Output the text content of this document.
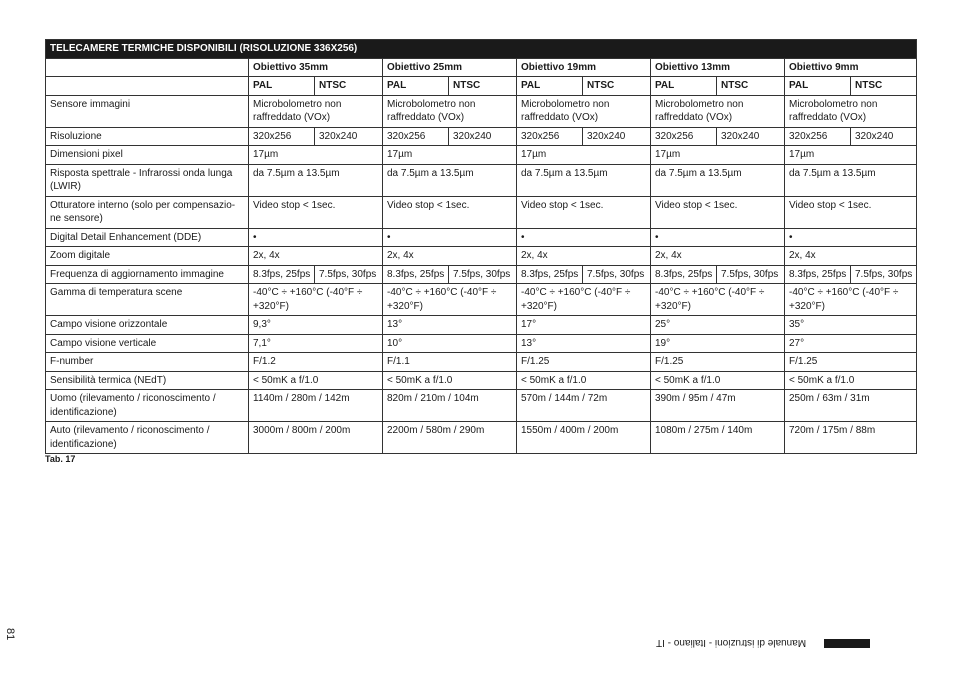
TELECAMERE TERMICHE DISPONIBILI (RISOLUZIONE 336X256)										
	Obiettivo 35mm		Obiettivo 25mm		Obiettivo 19mm		Obiettivo 13mm		Obiettivo 9mm	
	PAL	NTSC	PAL	NTSC	PAL	NTSC	PAL	NTSC	PAL	NTSC
Sensore immagini	Microbolometro non raffreddato (VOx)		Microbolometro non raffreddato (VOx)		Microbolometro non raffreddato (VOx)		Microbolometro non raffreddato (VOx)		Microbolometro non raffreddato (VOx)	
Risoluzione	320x256	320x240	320x256	320x240	320x256	320x240	320x256	320x240	320x256	320x240
Dimensioni pixel	17µm		17µm		17µm		17µm		17µm	
Risposta spettrale - Infrarossi onda lunga (LWIR)	da 7.5µm a 13.5µm		da 7.5µm a 13.5µm		da 7.5µm a 13.5µm		da 7.5µm a 13.5µm		da 7.5µm a 13.5µm	
Otturatore interno (solo per compensazio-ne sensore)	Video stop < 1sec.		Video stop < 1sec.		Video stop < 1sec.		Video stop < 1sec.		Video stop < 1sec.	
Digital Detail Enhancement (DDE)	•		•		•		•		•	
Zoom digitale	2x, 4x		2x, 4x		2x, 4x		2x, 4x		2x, 4x	
Frequenza di aggiornamento immagine	8.3fps, 25fps	7.5fps, 30fps	8.3fps, 25fps	7.5fps, 30fps	8.3fps, 25fps	7.5fps, 30fps	8.3fps, 25fps	7.5fps, 30fps	8.3fps, 25fps	7.5fps, 30fps
Gamma di temperatura scene	-40°C ÷ +160°C (-40°F ÷ +320°F)		-40°C ÷ +160°C (-40°F ÷ +320°F)		-40°C ÷ +160°C (-40°F ÷ +320°F)		-40°C ÷ +160°C (-40°F ÷ +320°F)		-40°C ÷ +160°C (-40°F ÷ +320°F)	
Campo visione orizzontale	9,3°		13°		17°		25°		35°	
Campo visione verticale	7,1°		10°		13°		19°		27°	
F-number	F/1.2		F/1.1		F/1.25		F/1.25		F/1.25	
Sensibilità termica (NEdT)	< 50mK a f/1.0		< 50mK a f/1.0		< 50mK a f/1.0		< 50mK a f/1.0		< 50mK a f/1.0	
Uomo (rilevamento / riconoscimento / identificazione)	1140m / 280m / 142m		820m / 210m / 104m		570m / 144m / 72m		390m / 95m / 47m		250m / 63m / 31m	
Auto (rilevamento / riconoscimento / identificazione)	3000m / 800m / 200m		2200m / 580m / 290m		1550m / 400m / 200m		1080m / 275m / 140m		720m / 175m / 88m	
Tab. 17
81
Manuale di istruzioni - Italiano - IT
